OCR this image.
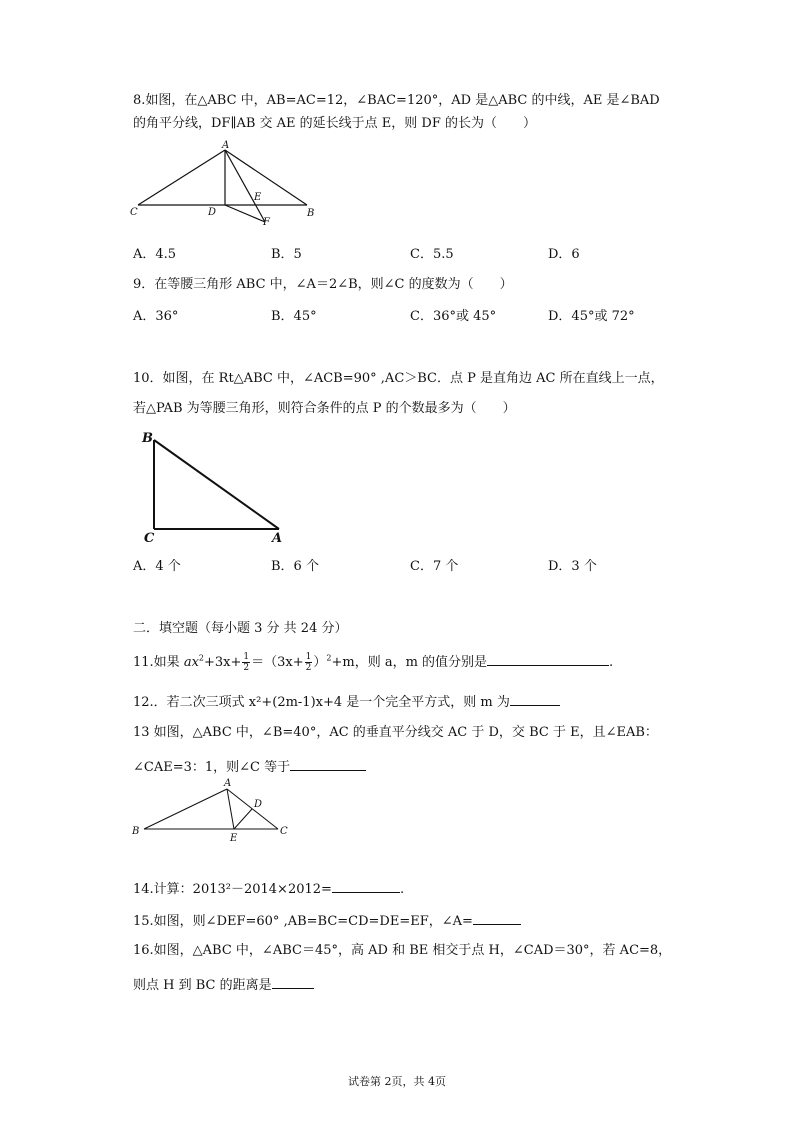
8.如图，在△ABC 中，AB=AC=12，∠BAC=120°，AD 是△ABC 的中线，AE 是∠BAD
的角平分线，DF∥AB 交 AE 的延长线于点 E，则 DF 的长为（　　）
A
C	D
E
F
B
A．4.5	B．5	C．5.5	D．6
9．在等腰三角形 ABC 中，∠A＝2∠B，则∠C 的度数为（　　）
A．36°	B．45°	C．36°或 45°	D．45°或 72°
10．如图，在 Rt△ABC 中，∠ACB=90° ,AC＞BC．点 P 是直角边 AC 所在直线上一点，
若△PAB 为等腰三角形，则符合条件的点 P 的个数最多为（　　）
B
C	A
A．4 个	B．6 个	C．7 个	D．3 个
二．填空题（每小题 3 分 共 24 分）
11.如果 $ax^2+3x+ \frac{1}{2} =(3x+ \frac{1}{2} )^2+m$，则 a，m 的值分别是	.
12.．若二次三项式 x²+(2m-1)x+4 是一个完全平方式，则 m 为
13 如图，△ABC 中，∠B=40°，AC 的垂直平分线交 AC 于 D，交 BC 于 E，且∠EAB：
∠CAE=3：1，则∠C 等于
A
D
B
E
C
14.计算：2013²－2014×2012=	.
15.如图，则∠DEF=60° ,AB=BC=CD=DE=EF，∠A=
16.如图，△ABC 中，∠ABC＝45°，高 AD 和 BE 相交于点 H，∠CAD＝30°，若 AC=8，
则点 H 到 BC 的距离是
试卷第 2页，共 4页
